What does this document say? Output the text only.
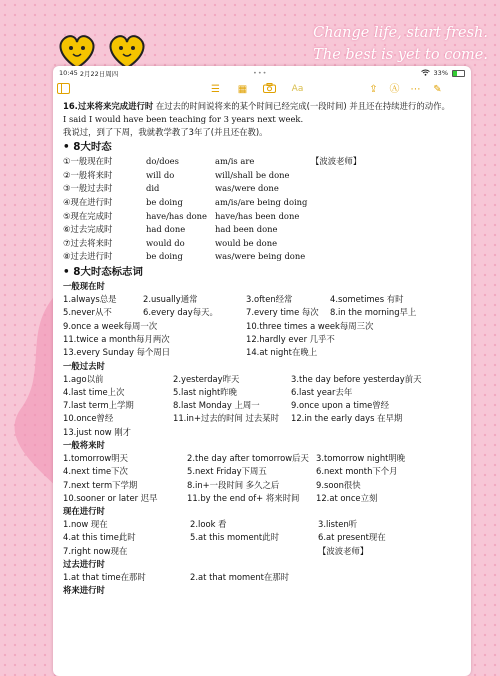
Change life, start fresh.
The best is yet to come.
10:45
2月22日周四	•••	33%
☰ ▦	Aa	⇪ Ⓐ ⋯ ✎

16.过来将来完成进行时 在过去的时间说将来的某个时间已经完成(一段时间) 并且还在持续进行的动作。

I said I would have been teaching for 3 years next week.

我说过，到了下周，我就教学教了3年了(并且还在教)。

• 8大时态
①一般现在时	do/does	am/is are	【波波老师】
②一般将来时	will do	will/shall be done
③一般过去时	did	was/were done
④现在进行时	be doing	am/is/are being doing
⑤现在完成时	have/has done have/has been done
⑥过去完成时	had done	had been done
⑦过去将来时	would do	would be done
⑧过去进行时	be doing	was/were being done
• 8大时态标志词
一般现在时
1.always总是	2.usually通常	3.often经常	4.sometimes 有时
5.never从不	6.every day每天。	7.every time 每次 8.in the morning早上
9.once a week每周一次	10.three times a week每周三次
11.twice a month每月两次	12.hardly ever 几乎不
13.every Sunday 每个周日	14.at night在晚上
一般过去时
1.ago以前	2.yesterday昨天	3.the day before yesterday前天
4.last time上次	5.last night昨晚	6.last year去年
7.last term上学期	8.last Monday 上周一	9.once upon a time曾经
10.once曾经	11.in+过去的时间 过去某时 12.in the early days 在早期
13.just now 刚才
一般将来时
1.tomorrow明天	2.the day after tomorrow后天 3.tomorrow night明晚
4.next time下次	5.next Friday下周五	6.next month下个月
7.next term下学期	8.in+一段时间 多久之后	9.soon很快
10.sooner or later 迟早	11.by the end of+ 将来时间 12.at once立刻
现在进行时
1.now 现在	2.look 看	3.listen听
4.at this time此时	5.at this moment此时	6.at present现在
7.right now现在	【波波老师】
过去进行时
1.at that time在那时	2.at that moment在那时
将来进行时
